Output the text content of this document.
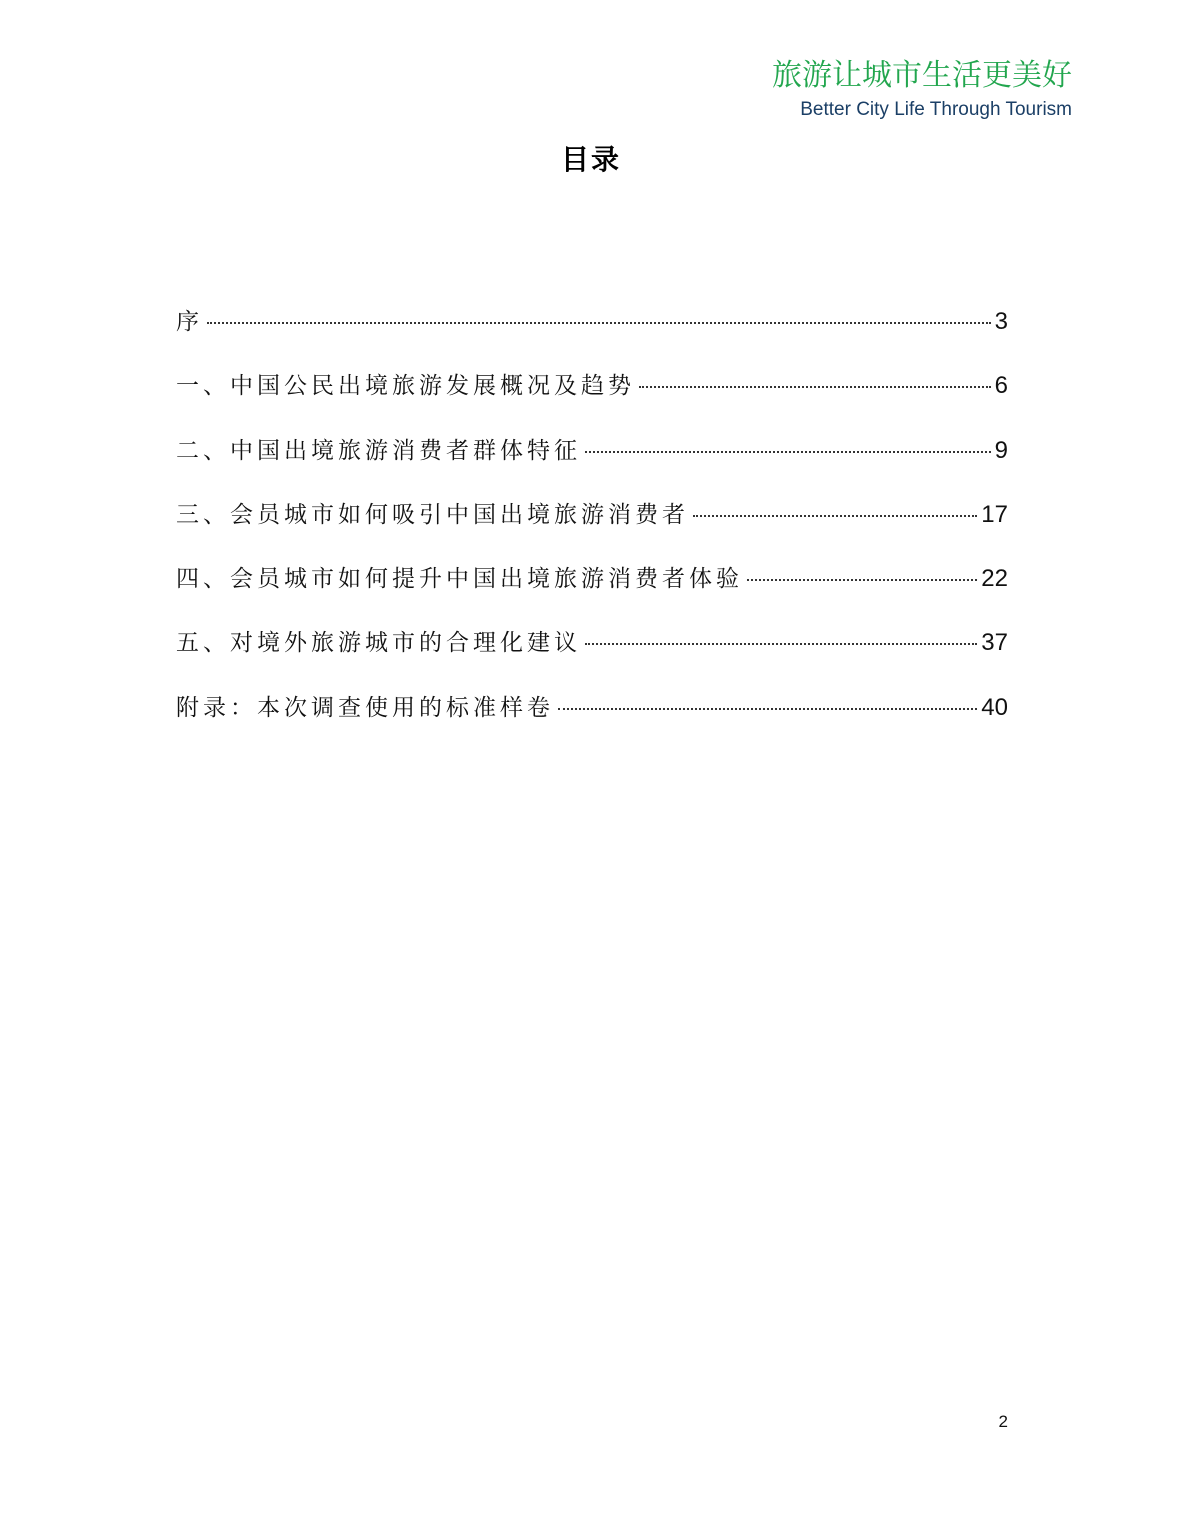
旅游让城市生活更美好
Better City Life Through Tourism
目录
序	3
一、中国公民出境旅游发展概况及趋势	6
二、中国出境旅游消费者群体特征	9
三、会员城市如何吸引中国出境旅游消费者	17
四、会员城市如何提升中国出境旅游消费者体验	22
五、对境外旅游城市的合理化建议	37
附录：本次调查使用的标准样卷	40
2
